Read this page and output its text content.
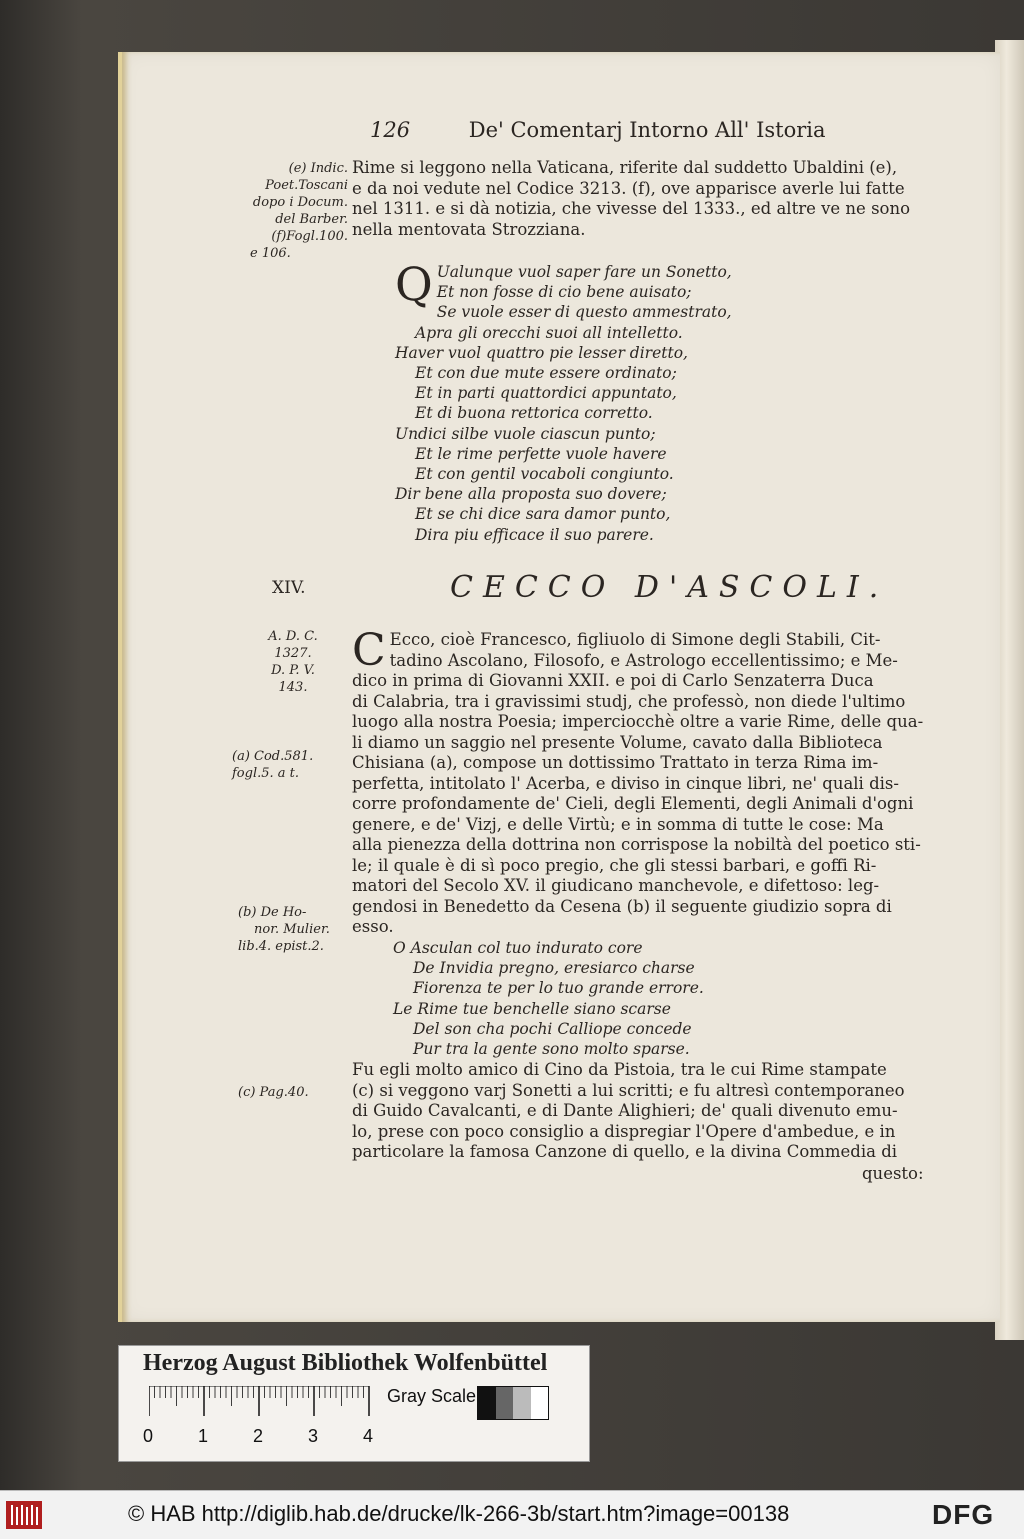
126	De' Comentarj Intorno All' Istoria
(e) Indic.
Poet.Toscani
dopo i Docum.
del Barber.
(f)Fogl.100.
e 106.

Rime si leggono nella Vaticana, riferite dal suddetto Ubaldini (e),

e da noi vedute nel Codice 3213. (f), ove apparisce averle lui fatte

nel 1311. e si dà notizia, che vivesse del 1333., ed altre ve ne sono

nella mentovata Strozziana.

Q Ualunque vuol saper fare un Sonetto,
Et non fosse di cio bene auisato;
Se vuole esser di questo ammestrato,
Apra gli orecchi suoi all intelletto.
Haver vuol quattro pie lesser diretto,
Et con due mute essere ordinato;
Et in parti quattordici appuntato,
Et di buona rettorica corretto.
Undici silbe vuole ciascun punto;
Et le rime perfette vuole havere
Et con gentil vocaboli congiunto.
Dir bene alla proposta suo dovere;
Et se chi dice sara damor punto,
Dira piu efficace il suo parere.
XIV.	CECCO D'ASCOLI.
A. D. C.
1327.
D. P. V.
143.
(a) Cod.581.
fogl.5. a t.
(b) De Ho-
nor. Mulier.
lib.4. epist.2.
(c) Pag.40.

C Ecco, cioè Francesco, figliuolo di Simone degli Stabili, Cit-

tadino Ascolano, Filosofo, e Astrologo eccellentissimo; e Me-

dico in prima di Giovanni XXII. e poi di Carlo Senzaterra Duca

di Calabria, tra i gravissimi studj, che professò, non diede l'ultimo

luogo alla nostra Poesia; imperciocchè oltre a varie Rime, delle qua-

li diamo un saggio nel presente Volume, cavato dalla Biblioteca

Chisiana (a), compose un dottissimo Trattato in terza Rima im-

perfetta, intitolato l' Acerba, e diviso in cinque libri, ne' quali dis-

corre profondamente de' Cieli, degli Elementi, degli Animali d'ogni

genere, e de' Vizj, e delle Virtù; e in somma di tutte le cose: Ma

alla pienezza della dottrina non corrispose la nobiltà del poetico sti-

le; il quale è di sì poco pregio, che gli stessi barbari, e goffi Ri-

matori del Secolo XV. il giudicano manchevole, e difettoso: leg-

gendosi in Benedetto da Cesena (b) il seguente giudizio sopra di

esso.

O Asculan col tuo indurato core
De Invidia pregno, eresiarco charse
Fiorenza te per lo tuo grande errore.
Le Rime tue benchelle siano scarse
Del son cha pochi Calliope concede
Pur tra la gente sono molto sparse.

Fu egli molto amico di Cino da Pistoia, tra le cui Rime stampate

(c) si veggono varj Sonetti a lui scritti; e fu altresì contemporaneo

di Guido Cavalcanti, e di Dante Alighieri; de' quali divenuto emu-

lo, prese con poco consiglio a dispregiar l'Opere d'ambedue, e in

particolare la famosa Canzone di quello, e la divina Commedia di

questo:
Herzog August Bibliothek Wolfenbüttel
0 1 2 3 4
Gray Scale
© HAB http://diglib.hab.de/drucke/lk-266-3b/start.htm?image=00138	DFG
